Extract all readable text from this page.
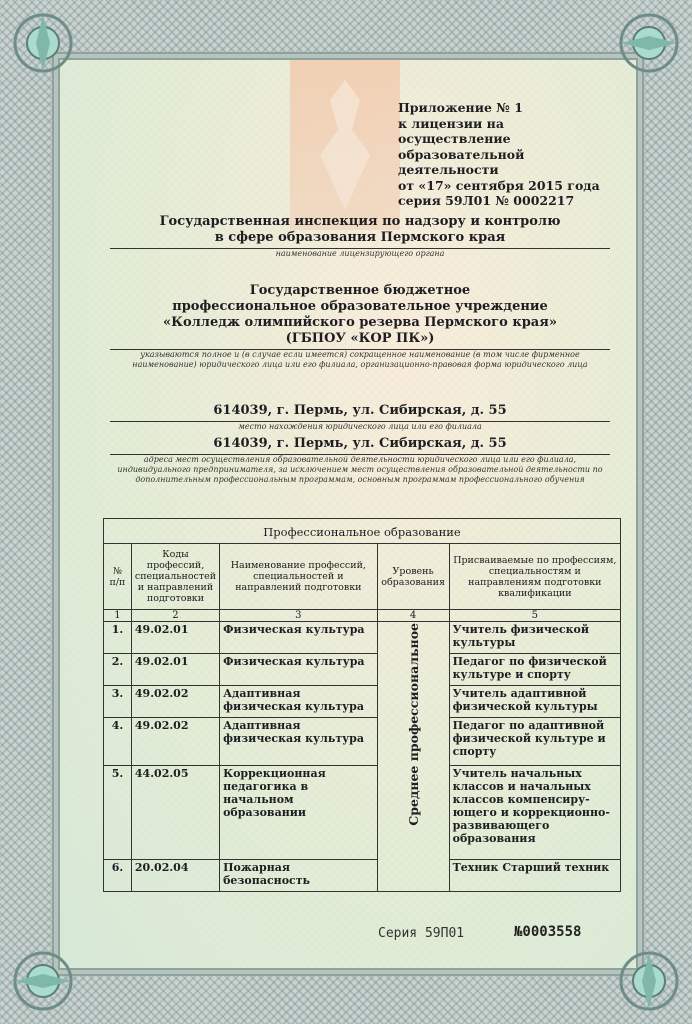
Приложение № 1
к лицензии на осуществление
образовательной
деятельности
от «17» сентября 2015 года
серия 59Л01 № 0002217
Государственная инспекция по надзору и контролю
в сфере образования Пермского края
наименование лицензирующего органа
Государственное бюджетное
профессиональное образовательное учреждение
«Колледж олимпийского резерва Пермского края»
(ГБПОУ «КОР ПК»)
указываются полное и (в случае если имеется) сокращенное наименование (в том числе фирменное наименование) юридического лица или его филиала, организационно-правовая форма юридического лица
614039, г. Пермь, ул. Сибирская, д. 55
место нахождения юридического лица или его филиала
614039, г. Пермь, ул. Сибирская, д. 55
адреса мест осуществления образовательной деятельности юридического лица или его филиала, индивидуального предпринимателя, за исключением мест осуществления образовательной деятельности по дополнительным профессиональным программам, основным программам профессионального обучения
Профессиональное образование				
№ п/п	Коды профессий, специальностей и направлений подготовки	Наименование профессий, специальностей и направлений подготовки	Уровень образования	Присваиваемые по профессиям, специальностям и направлениям подготовки квалификации
1	2	3	4	5
1.	49.02.01	Физическая культура	Среднее профессиональное	Учитель физической культуры
2.	49.02.01	Физическая культура		Педагог по физической культуре и спорту
3.	49.02.02	Адаптивная физическая культура		Учитель адаптивной физической культуры
4.	49.02.02	Адаптивная физическая культура		Педагог по адаптивной физической культуре и спорту
5.	44.02.05	Коррекционная педагогика в начальном образовании		Учитель начальных классов и начальных классов компенсиру-ющего и коррекционно-развивающего образования
6.	20.02.04	Пожарная безопасность		Техник Старший техник
Серия 59П01	№0003558
